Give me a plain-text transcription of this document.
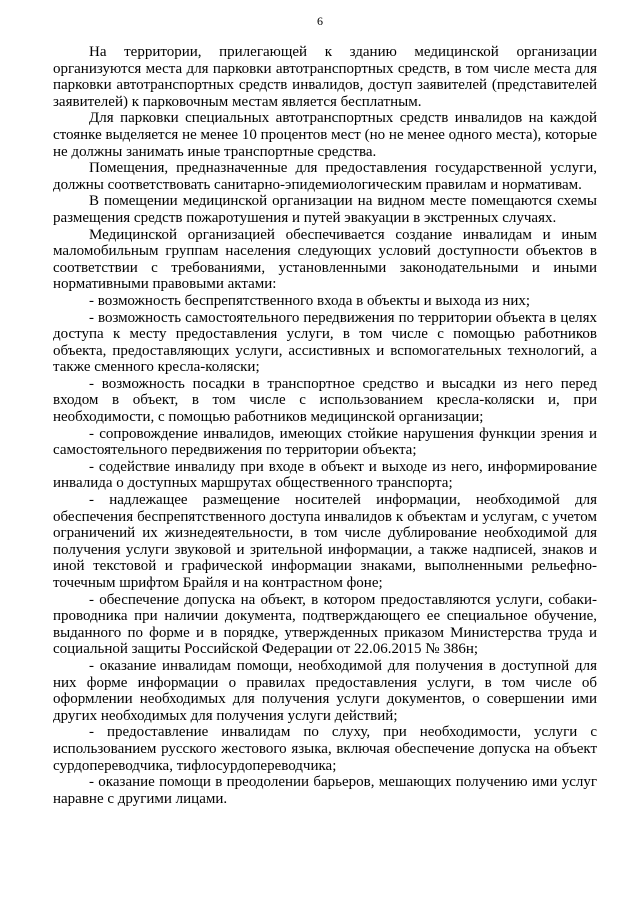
6

На территории, прилегающей к зданию медицинской организации организуются места для парковки автотранспортных средств, в том числе места для парковки автотранспортных средств инвалидов, доступ заявителей (представителей заявителей) к парковочным местам является бесплатным.

Для парковки специальных автотранспортных средств инвалидов на каждой стоянке выделяется не менее 10 процентов мест (но не менее одного места), которые не должны занимать иные транспортные средства.

Помещения, предназначенные для предоставления государственной услуги, должны соответствовать санитарно-эпидемиологическим правилам и нормативам.

В помещении медицинской организации на видном месте помещаются схемы размещения средств пожаротушения и путей эвакуации в экстренных случаях.

Медицинской организацией обеспечивается создание инвалидам и иным маломобильным группам населения следующих условий доступности объектов в соответствии с требованиями, установленными законодательными и иными нормативными правовыми актами:

- возможность беспрепятственного входа в объекты и выхода из них;

- возможность самостоятельного передвижения по территории объекта в целях доступа к месту предоставления услуги, в том числе с помощью работников объекта, предоставляющих услуги, ассистивных и вспомогательных технологий, а также сменного кресла-коляски;

- возможность посадки в транспортное средство и высадки из него перед входом в объект, в том числе с использованием кресла-коляски и, при необходимости, с помощью работников медицинской организации;

- сопровождение инвалидов, имеющих стойкие нарушения функции зрения и самостоятельного передвижения по территории объекта;

- содействие инвалиду при входе в объект и выходе из него, информирование инвалида о доступных маршрутах общественного транспорта;

- надлежащее размещение носителей информации, необходимой для обеспечения беспрепятственного доступа инвалидов к объектам и услугам, с учетом ограничений их жизнедеятельности, в том числе дублирование необходимой для получения услуги звуковой и зрительной информации, а также надписей, знаков и иной текстовой и графической информации знаками, выполненными рельефно-точечным шрифтом Брайля и на контрастном фоне;

- обеспечение допуска на объект, в котором предоставляются услуги, собаки-проводника при наличии документа, подтверждающего ее специальное обучение, выданного по форме и в порядке, утвержденных приказом Министерства труда и социальной защиты Российской Федерации от 22.06.2015 № 386н;

- оказание инвалидам помощи, необходимой для получения в доступной для них форме информации о правилах предоставления услуги, в том числе об оформлении необходимых для получения услуги документов, о совершении ими других необходимых для получения услуги действий;

- предоставление инвалидам по слуху, при необходимости, услуги с использованием русского жестового языка, включая обеспечение допуска на объект сурдопереводчика, тифлосурдопереводчика;

- оказание помощи в преодолении барьеров, мешающих получению ими услуг наравне с другими лицами.
